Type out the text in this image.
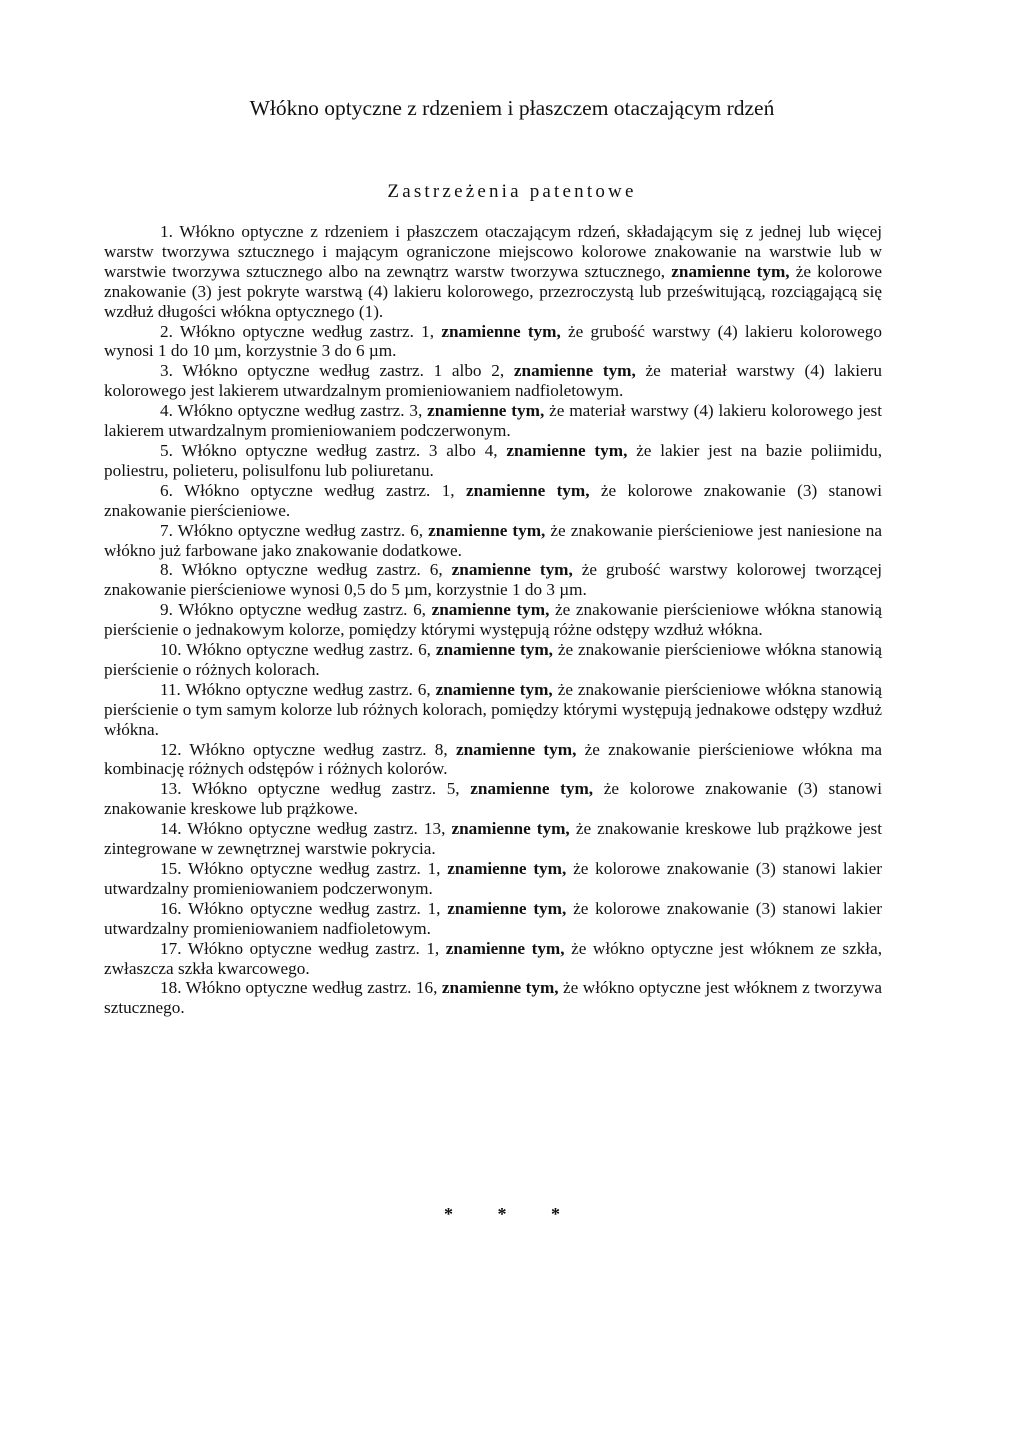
Włókno optyczne z rdzeniem i płaszczem otaczającym rdzeń
Zastrzeżenia patentowe

1. Włókno optyczne z rdzeniem i płaszczem otaczającym rdzeń, składającym się z jednej lub więcej warstw tworzywa sztucznego i mającym ograniczone miejscowo kolorowe znakowanie na warstwie lub w warstwie tworzywa sztucznego albo na zewnątrz warstw tworzywa sztucznego, znamienne tym, że kolorowe znakowanie (3) jest pokryte warstwą (4) lakieru kolorowego, przezroczystą lub prześwitującą, rozciągającą się wzdłuż długości włókna optycznego (1).

2. Włókno optyczne według zastrz. 1, znamienne tym, że grubość warstwy (4) lakieru kolorowego wynosi 1 do 10 µm, korzystnie 3 do 6 µm.

3. Włókno optyczne według zastrz. 1 albo 2, znamienne tym, że materiał warstwy (4) lakieru kolorowego jest lakierem utwardzalnym promieniowaniem nadfioletowym.

4. Włókno optyczne według zastrz. 3, znamienne tym, że materiał warstwy (4) lakieru kolorowego jest lakierem utwardzalnym promieniowaniem podczerwonym.

5. Włókno optyczne według zastrz. 3 albo 4, znamienne tym, że lakier jest na bazie poliimidu, poliestru, polieteru, polisulfonu lub poliuretanu.

6. Włókno optyczne według zastrz. 1, znamienne tym, że kolorowe znakowanie (3) stanowi znakowanie pierścieniowe.

7. Włókno optyczne według zastrz. 6, znamienne tym, że znakowanie pierścieniowe jest naniesione na włókno już farbowane jako znakowanie dodatkowe.

8. Włókno optyczne według zastrz. 6, znamienne tym, że grubość warstwy kolorowej tworzącej znakowanie pierścieniowe wynosi 0,5 do 5 µm, korzystnie 1 do 3 µm.

9. Włókno optyczne według zastrz. 6, znamienne tym, że znakowanie pierścieniowe włókna stanowią pierścienie o jednakowym kolorze, pomiędzy którymi występują różne odstępy wzdłuż włókna.

10. Włókno optyczne według zastrz. 6, znamienne tym, że znakowanie pierścieniowe włókna stanowią pierścienie o różnych kolorach.

11. Włókno optyczne według zastrz. 6, znamienne tym, że znakowanie pierścieniowe włókna stanowią pierścienie o tym samym kolorze lub różnych kolorach, pomiędzy którymi występują jednakowe odstępy wzdłuż włókna.

12. Włókno optyczne według zastrz. 8, znamienne tym, że znakowanie pierścieniowe włókna ma kombinację różnych odstępów i różnych kolorów.

13. Włókno optyczne według zastrz. 5, znamienne tym, że kolorowe znakowanie (3) stanowi znakowanie kreskowe lub prążkowe.

14. Włókno optyczne według zastrz. 13, znamienne tym, że znakowanie kreskowe lub prążkowe jest zintegrowane w zewnętrznej warstwie pokrycia.

15. Włókno optyczne według zastrz. 1, znamienne tym, że kolorowe znakowanie (3) stanowi lakier utwardzalny promieniowaniem podczerwonym.

16. Włókno optyczne według zastrz. 1, znamienne tym, że kolorowe znakowanie (3) stanowi lakier utwardzalny promieniowaniem nadfioletowym.

17. Włókno optyczne według zastrz. 1, znamienne tym, że włókno optyczne jest włóknem ze szkła, zwłaszcza szkła kwarcowego.

18. Włókno optyczne według zastrz. 16, znamienne tym, że włókno optyczne jest włóknem z tworzywa sztucznego.

* * *
